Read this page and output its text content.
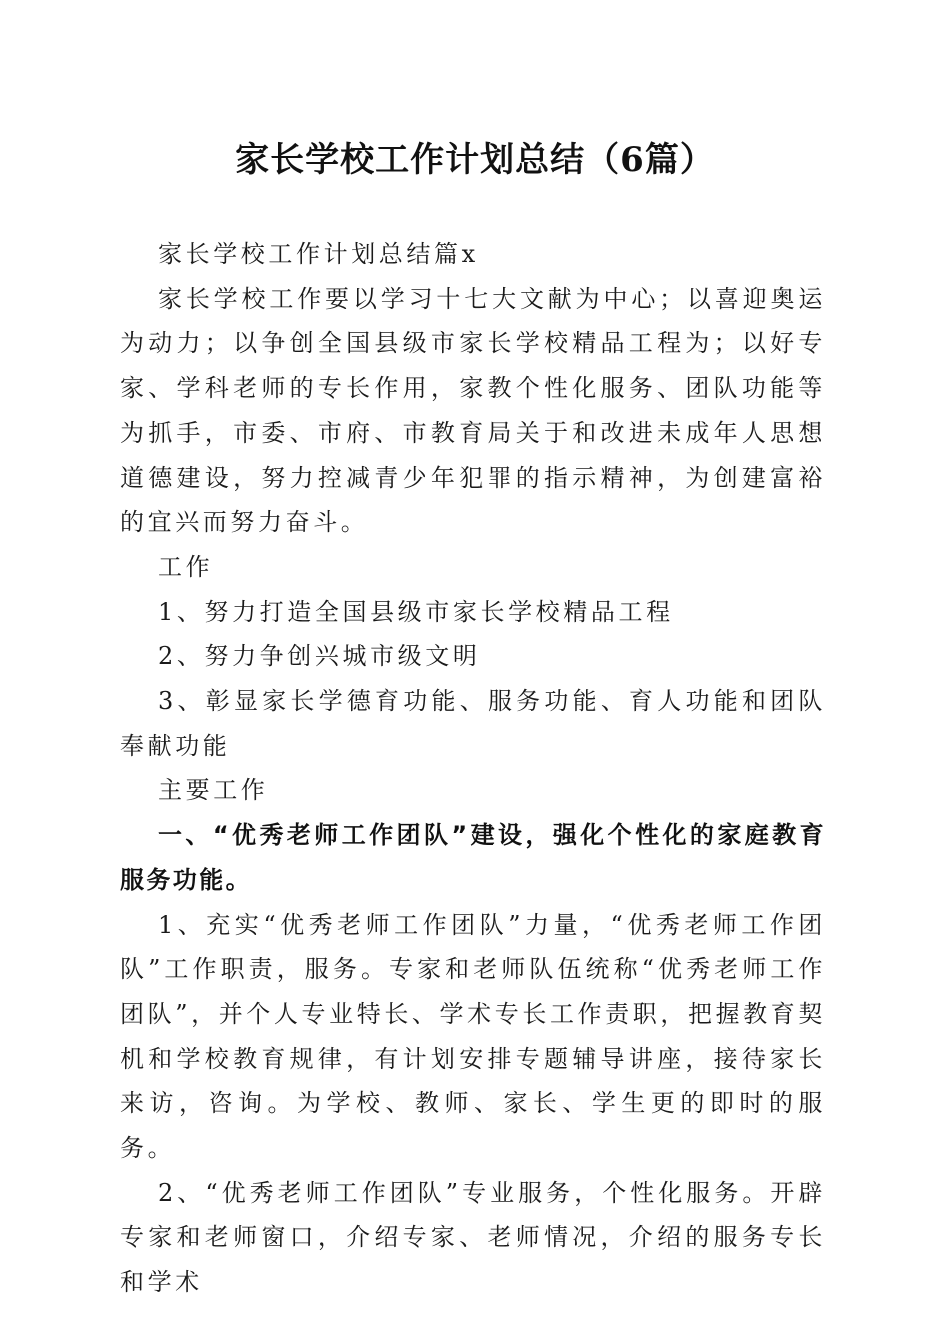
家长学校工作计划总结（6篇）

家长学校工作计划总结篇x

家长学校工作要以学习十七大文献为中心；以喜迎奥运为动力；以争创全国县级市家长学校精品工程为；以好专家、学科老师的专长作用，家教个性化服务、团队功能等为抓手，市委、市府、市教育局关于和改进未成年人思想道德建设，努力控减青少年犯罪的指示精神，为创建富裕的宜兴而努力奋斗。

工作

1、努力打造全国县级市家长学校精品工程

2、努力争创兴城市级文明

3、彰显家长学德育功能、服务功能、育人功能和团队奉献功能

主要工作

一、“优秀老师工作团队”建设，强化个性化的家庭教育服务功能。

1、充实“优秀老师工作团队”力量，“优秀老师工作团队”工作职责，服务。专家和老师队伍统称“优秀老师工作团队”，并个人专业特长、学术专长工作责职，把握教育契机和学校教育规律，有计划安排专题辅导讲座，接待家长来访，咨询。为学校、教师、家长、学生更的即时的服务。

2、“优秀老师工作团队”专业服务，个性化服务。开辟专家和老师窗口，介绍专家、老师情况，介绍的服务专长和学术
